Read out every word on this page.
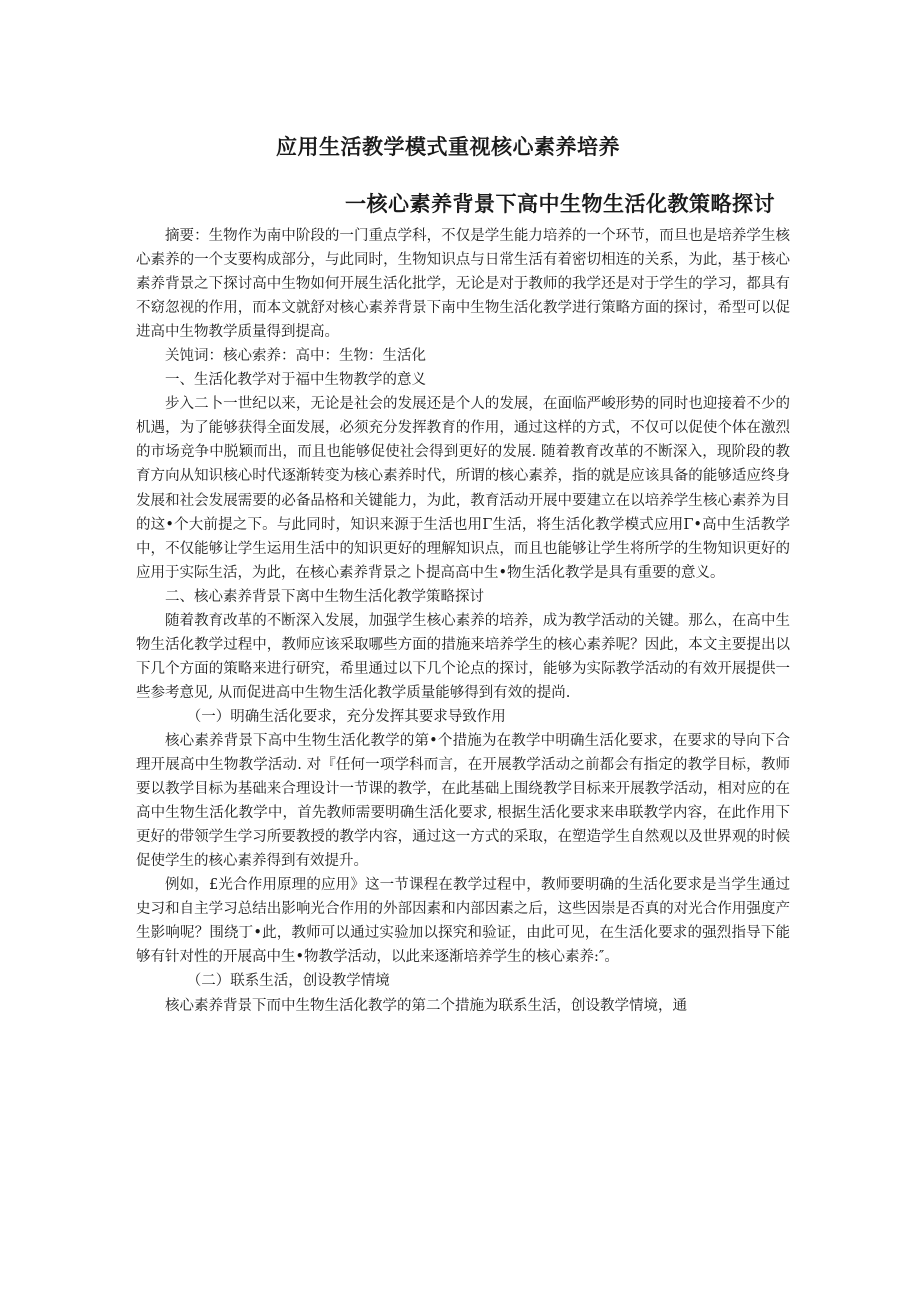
应用生活教学模式重视核心素养培养
一核心素养背景下高中生物生活化教策略探讨

摘要：生物作为南中阶段的一门重点学科，不仅是学生能力培养的一个环节，而旦也是培养学生核心素养的一个支要构成部分，与此同时，生物知识点与日常生活有着密切相连的关系，为此，基于核心素养背景之下探讨高中生物如何开展生活化批学，无论是对于教师的我学还是对于学生的学习，都具有不窈忽视的作用，而本文就舒对核心素养背景下南中生物生活化教学进行策略方面的探讨，希型可以促进高中生物教学质量得到提高。

关饨词：核心索养：高中：生物：生活化

一、生活化教学对于福中生物教学的意义

步入二卜一世纪以来，无论是社会的发展还是个人的发展，在面临严峻形势的同时也迎接着不少的机遇，为了能够获得全面发展，必须充分发挥教育的作用，通过这样的方式，不仅可以促使个体在激烈的市场竞争中脱颖而出，而且也能够促使社会得到更好的发展. 随着教育改革的不断深入，现阶段的教育方向从知识核心时代逐渐转变为核心素养时代，所谓的核心素养，指的就是应该具备的能够适应终身发展和社会发展需要的必备品格和关键能力，为此，教育活动开展中要建立在以培养学生核心素养为目的这•个大前提之下。与此同时，知识来源于生活也用Γ生活，将生活化教学模式应用Γ•高中生活教学中，不仅能够让学生运用生活中的知识更好的理解知识点，而且也能够让学生将所学的生物知识更好的应用于实际生活，为此，在核心素养背景之卜提高高中生•物生活化教学是具有重要的意义。

二、核心素养背景下离中生物生活化教学策略探讨

随着教育改革的不断深入发展，加强学生核心素养的培养，成为教学活动的关键。那么，在高中生物生活化教学过程中，教师应该采取哪些方面的措施来培养学生的核心素养呢？因此，本文主要提出以下几个方面的策略来进行研究，希里通过以下几个论点的探讨，能够为实际教学活动的有效开展提供一些参考意见, 从而促进高中生物生活化教学质量能够得到有效的提尚.

（一）明确生活化要求，充分发挥其要求导致作用

核心素养背景下高中生物生活化教学的第•个措施为在教学中明确生活化要求，在要求的导向下合理开展高中生物教学活动. 对『任何一项学科而言，在开展教学活动之前都会有指定的教学目标，教师要以教学目标为基础来合理设计一节课的教学，在此基础上围绕教学目标来开展教学活动，相对应的在高中生物生活化教学中，首先教师需要明确生活化要求, 根据生活化要求来串联教学内容，在此作用下更好的带领学生学习所要教授的教学内容，通过这一方式的采取，在塑造学生自然观以及世界观的时候促使学生的核心素养得到有效提升。

例如，£光合作用原理的应用》这一节课程在教学过程中，教师要明确的生活化要求是当学生通过史习和自主学习总结出影响光合作用的外部因素和内部因素之后，这些因崇是否真的对光合作用强度产生影响呢？围绕丁•此，教师可以通过实验加以探究和验证，由此可见，在生活化要求的强烈指导下能够有针对性的开展高中生•物教学活动，以此来逐渐培养学生的核心素养:″。

（二）联系生活，创设教学情境

核心素养背景下而中生物生活化教学的第二个措施为联系生活，创设教学情境，通
